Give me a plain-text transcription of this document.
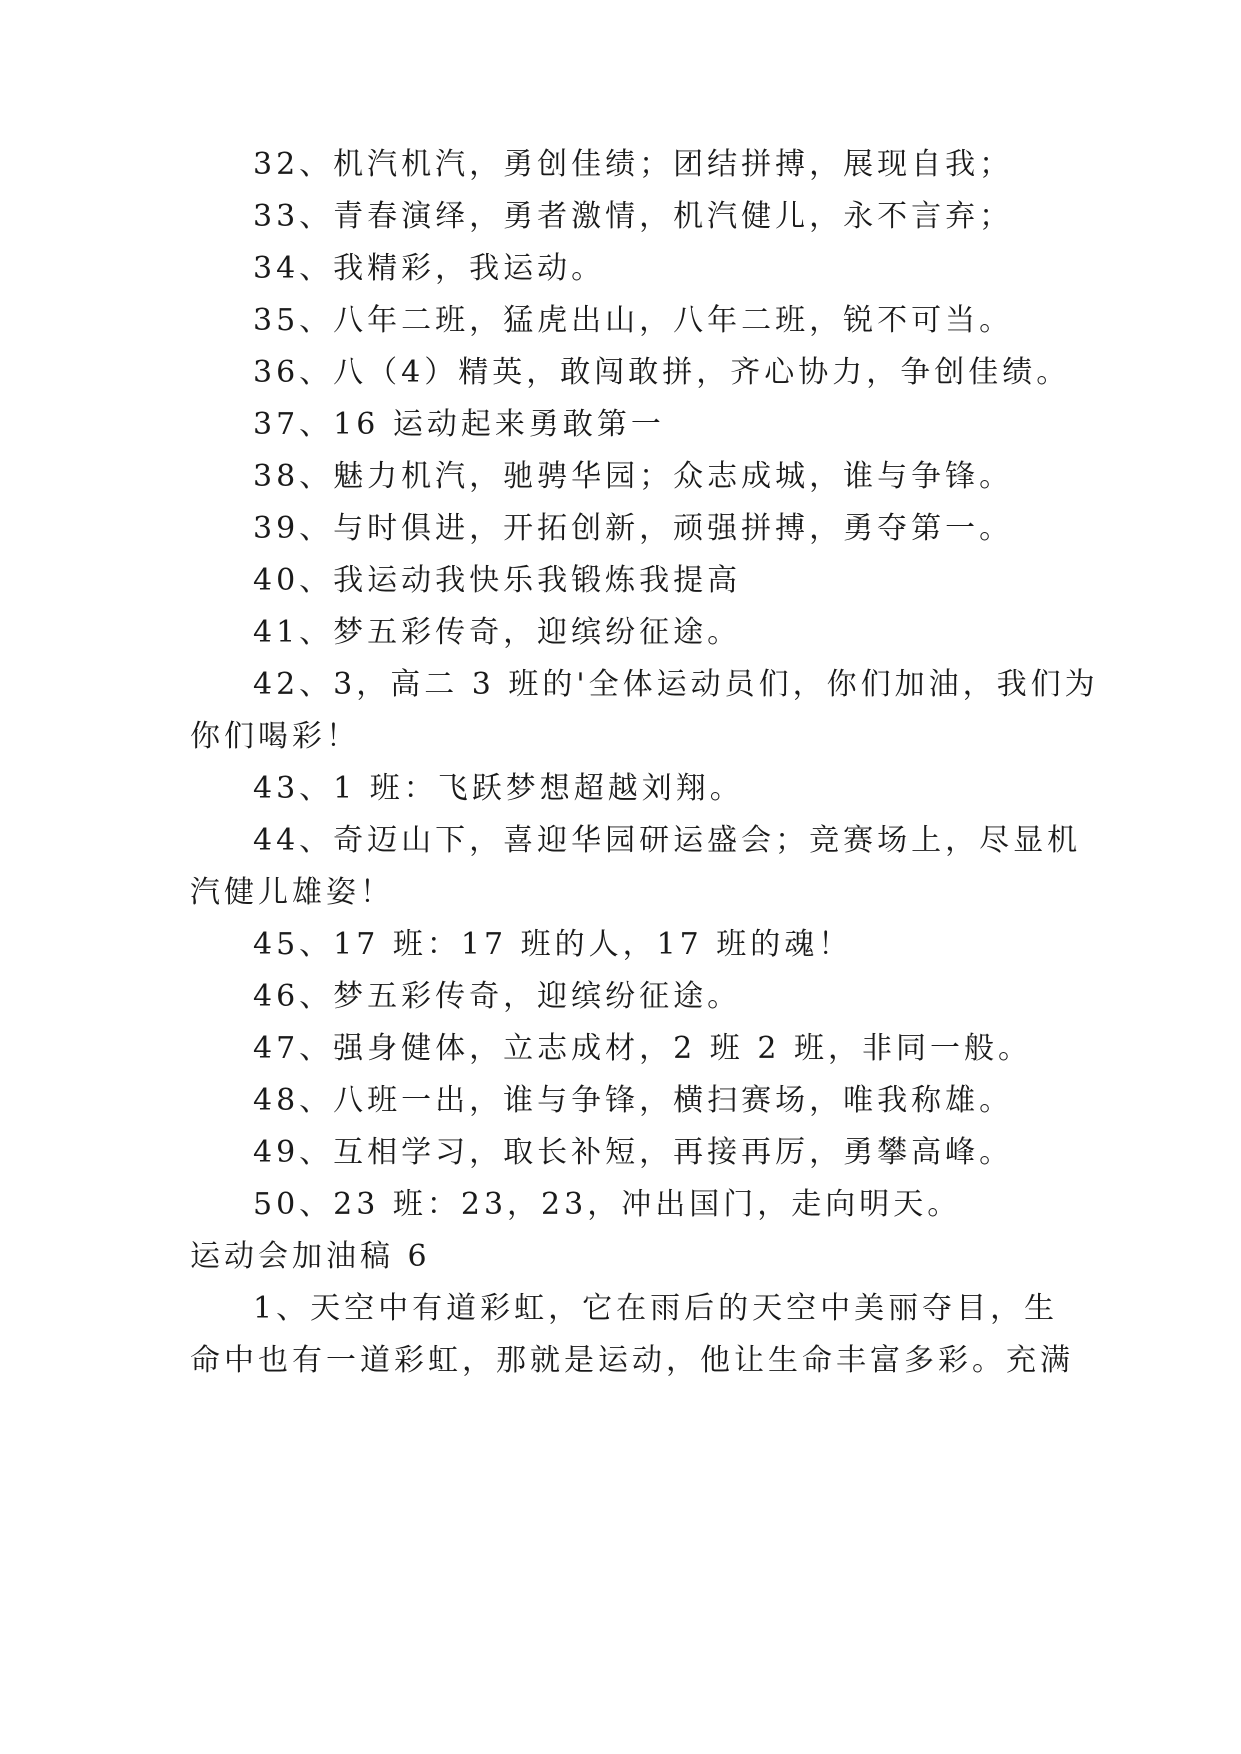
32、机汽机汽，勇创佳绩；团结拼搏，展现自我；
33、青春演绎，勇者激情，机汽健儿，永不言弃；
34、我精彩，我运动。
35、八年二班，猛虎出山，八年二班，锐不可当。
36、八（4）精英，敢闯敢拼，齐心协力，争创佳绩。
37、16 运动起来勇敢第一
38、魅力机汽，驰骋华园；众志成城，谁与争锋。
39、与时俱进，开拓创新，顽强拼搏，勇夺第一。
40、我运动我快乐我锻炼我提高
41、梦五彩传奇，迎缤纷征途。
42、3，高二 3 班的'全体运动员们，你们加油，我们为
你们喝彩！
43、1 班：飞跃梦想超越刘翔。
44、奇迈山下，喜迎华园研运盛会；竞赛场上，尽显机
汽健儿雄姿！
45、17 班：17 班的人，17 班的魂！
46、梦五彩传奇，迎缤纷征途。
47、强身健体，立志成材，2 班 2 班，非同一般。
48、八班一出，谁与争锋，横扫赛场，唯我称雄。
49、互相学习，取长补短，再接再厉，勇攀高峰。
50、23 班：23，23，冲出国门，走向明天。
运动会加油稿 6
1、天空中有道彩虹，它在雨后的天空中美丽夺目，生
命中也有一道彩虹，那就是运动，他让生命丰富多彩。充满
